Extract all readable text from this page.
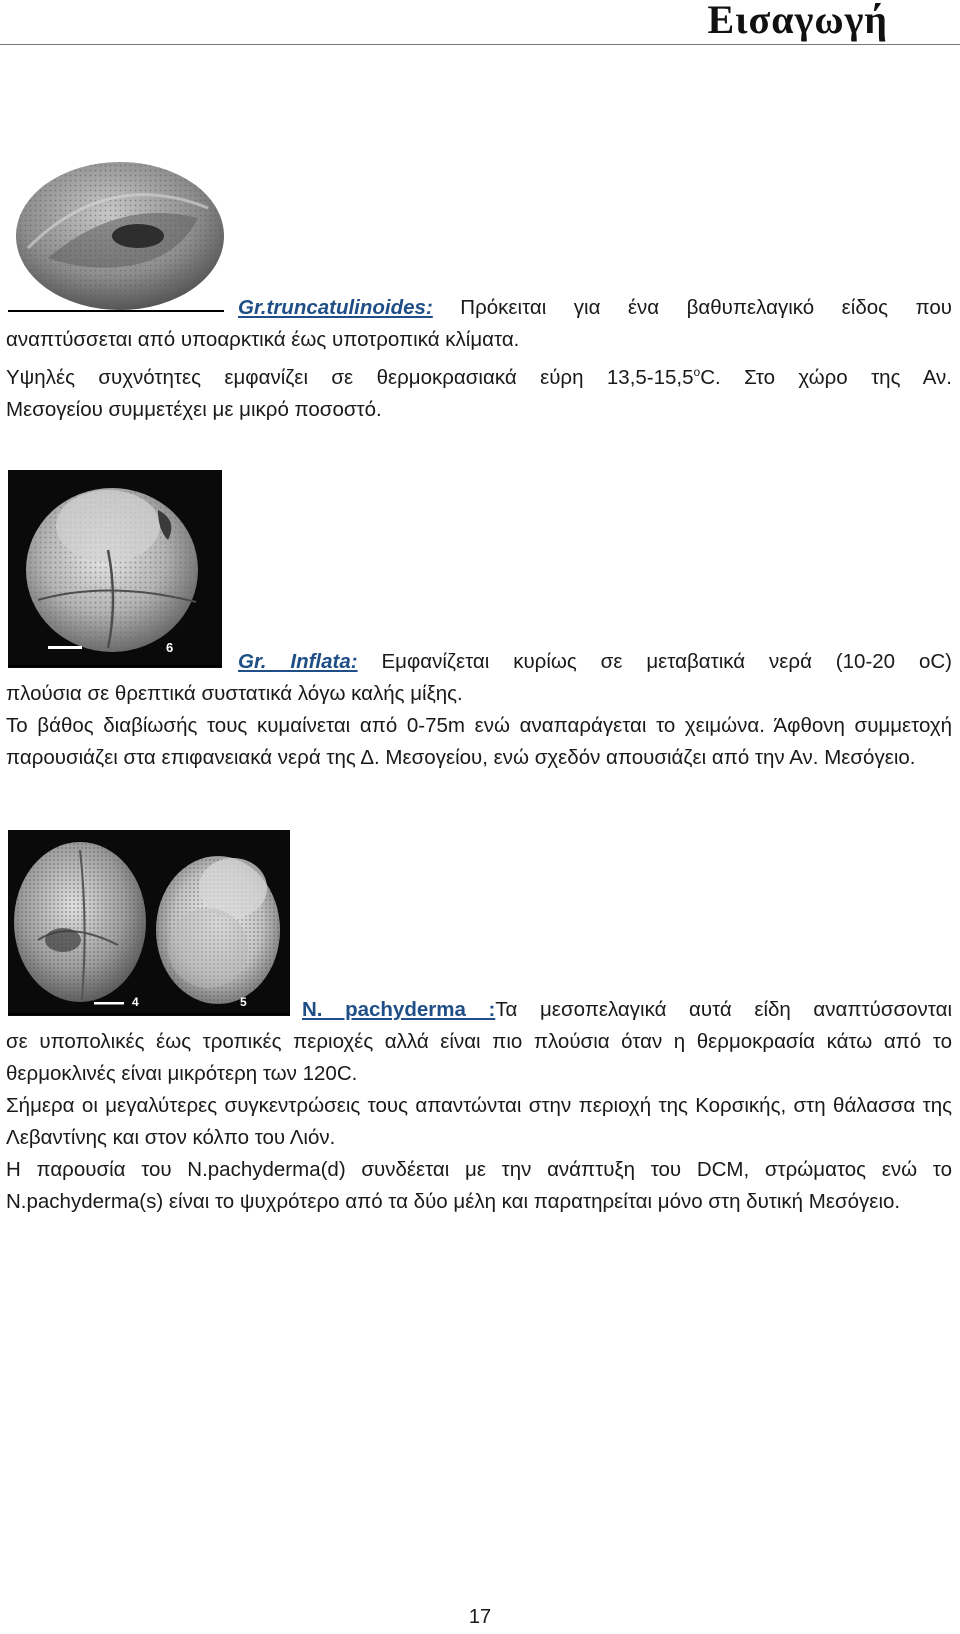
Εισαγωγή
Gr.truncatulinoides: Πρόκειται για ένα βαθυπελαγικό είδος που

αναπτύσσεται από υποαρκτικά έως υποτροπικά κλίματα.

Υψηλές συχνότητες εμφανίζει σε θερμοκρασιακά εύρη 13,5-15,5$^o$C. Στο χώρο της Αν.

Μεσογείου συμμετέχει με μικρό ποσοστό.

6
Gr. Inflata: Εμφανίζεται κυρίως σε μεταβατικά νερά (10-20 oC)

πλούσια σε θρεπτικά συστατικά λόγω καλής μίξης.

Το βάθος διαβίωσής τους κυμαίνεται από 0-75m ενώ αναπαράγεται το χειμώνα. Άφθονη συμμετοχή παρουσιάζει στα επιφανειακά νερά της Δ. Μεσογείου, ενώ σχεδόν απουσιάζει από την Αν. Μεσόγειο.

4	5	N. pachyderma :Τα μεσοπελαγικά αυτά είδη αναπτύσσονται

σε υποπολικές έως τροπικές περιοχές αλλά είναι πιο πλούσια όταν η θερμοκρασία κάτω από το θερμοκλινές είναι μικρότερη των 120C.

Σήμερα οι μεγαλύτερες συγκεντρώσεις τους απαντώνται στην περιοχή της Κορσικής, στη θάλασσα της Λεβαντίνης και στον κόλπο του Λιόν.

Η παρουσία του N.pachyderma(d) συνδέεται με την ανάπτυξη του DCM, στρώματος ενώ το N.pachyderma(s) είναι το ψυχρότερο από τα δύο μέλη και παρατηρείται μόνο στη δυτική Μεσόγειο.

17
